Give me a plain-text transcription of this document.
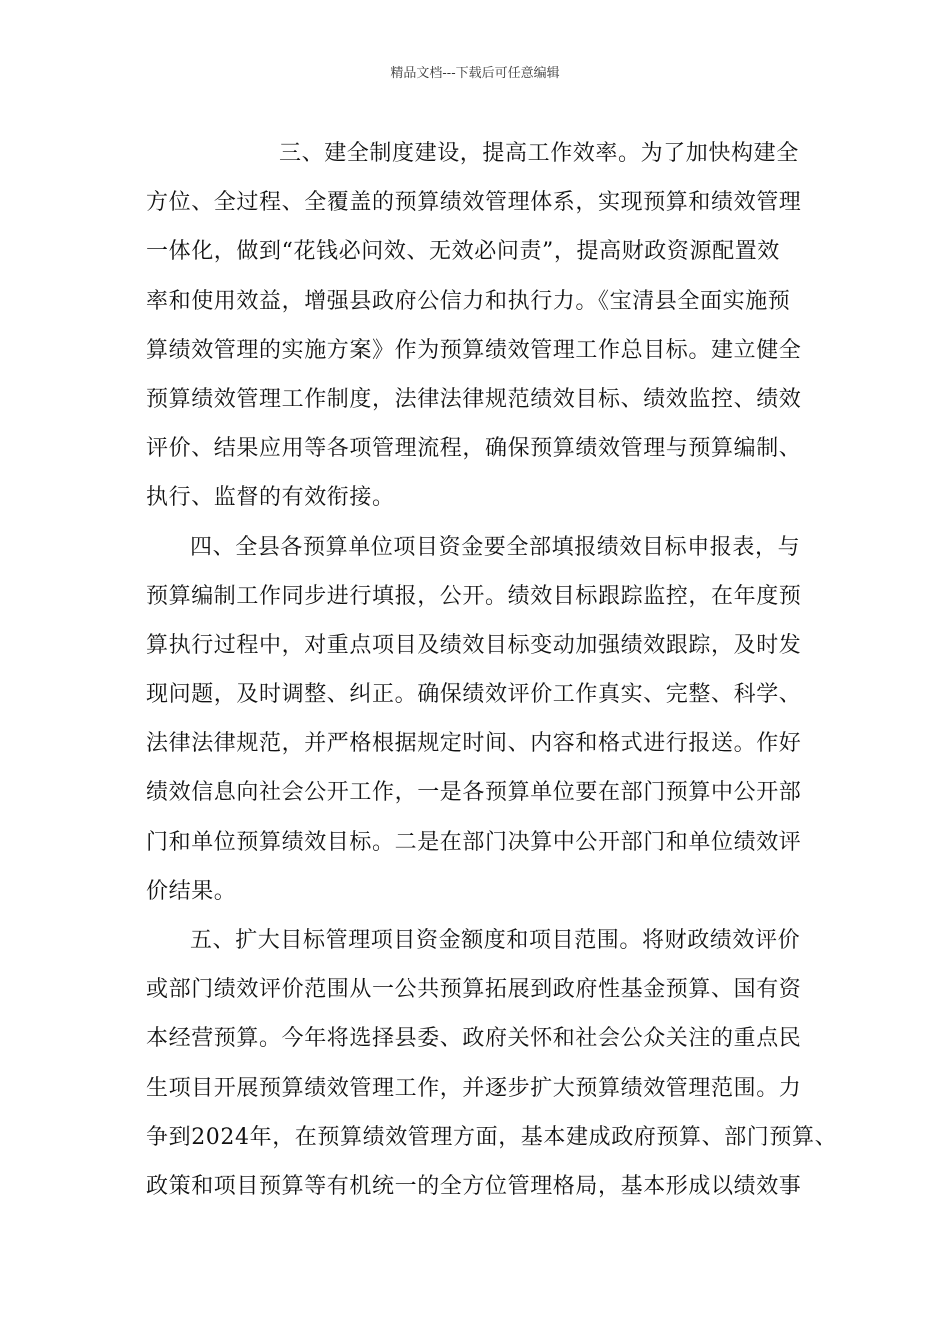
精品文档---下载后可任意编辑
三、建全制度建设，提高工作效率。为了加快构建全
方位、全过程、全覆盖的预算绩效管理体系，实现预算和绩效管理
一体化，做到“花钱必问效、无效必问责”，提高财政资源配置效
率和使用效益，增强县政府公信力和执行力。《宝清县全面实施预
算绩效管理的实施方案》作为预算绩效管理工作总目标。建立健全
预算绩效管理工作制度，法律法律规范绩效目标、绩效监控、绩效
评价、结果应用等各项管理流程，确保预算绩效管理与预算编制、
执行、监督的有效衔接。
四、全县各预算单位项目资金要全部填报绩效目标申报表，与
预算编制工作同步进行填报，公开。绩效目标跟踪监控，在年度预
算执行过程中，对重点项目及绩效目标变动加强绩效跟踪，及时发
现问题，及时调整、纠正。确保绩效评价工作真实、完整、科学、
法律法律规范，并严格根据规定时间、内容和格式进行报送。作好
绩效信息向社会公开工作，一是各预算单位要在部门预算中公开部
门和单位预算绩效目标。二是在部门决算中公开部门和单位绩效评
价结果。
五、扩大目标管理项目资金额度和项目范围。将财政绩效评价
或部门绩效评价范围从一公共预算拓展到政府性基金预算、国有资
本经营预算。今年将选择县委、政府关怀和社会公众关注的重点民
生项目开展预算绩效管理工作，并逐步扩大预算绩效管理范围。力
争到2024年，在预算绩效管理方面，基本建成政府预算、部门预算、
政策和项目预算等有机统一的全方位管理格局，基本形成以绩效事
